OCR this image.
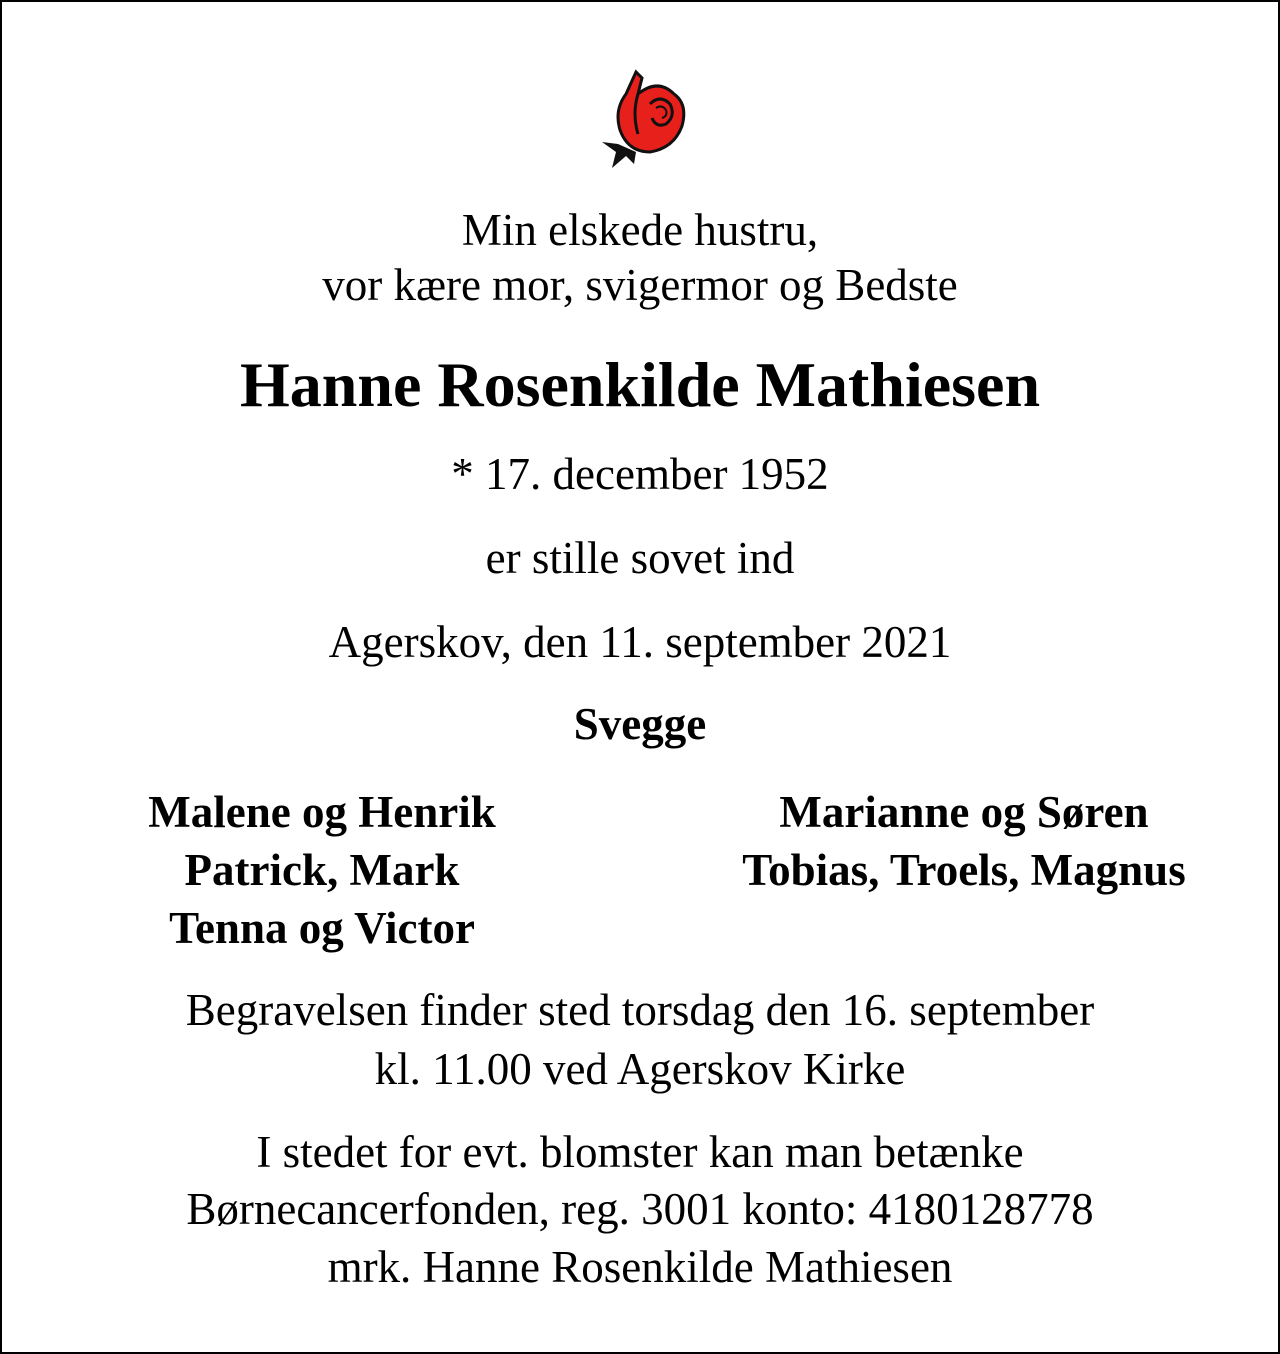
Min elskede hustru,
vor kære mor, svigermor og Bedste
Hanne Rosenkilde Mathiesen
* 17. december 1952
er stille sovet ind
Agerskov, den 11. september 2021
Svegge
Malene og Henrik
Patrick, Mark
Tenna og Victor
Marianne og Søren
Tobias, Troels, Magnus
Begravelsen finder sted torsdag den 16. september
kl. 11.00 ved Agerskov Kirke
I stedet for evt. blomster kan man betænke
Børnecancerfonden, reg. 3001 konto: 4180128778
mrk. Hanne Rosenkilde Mathiesen
